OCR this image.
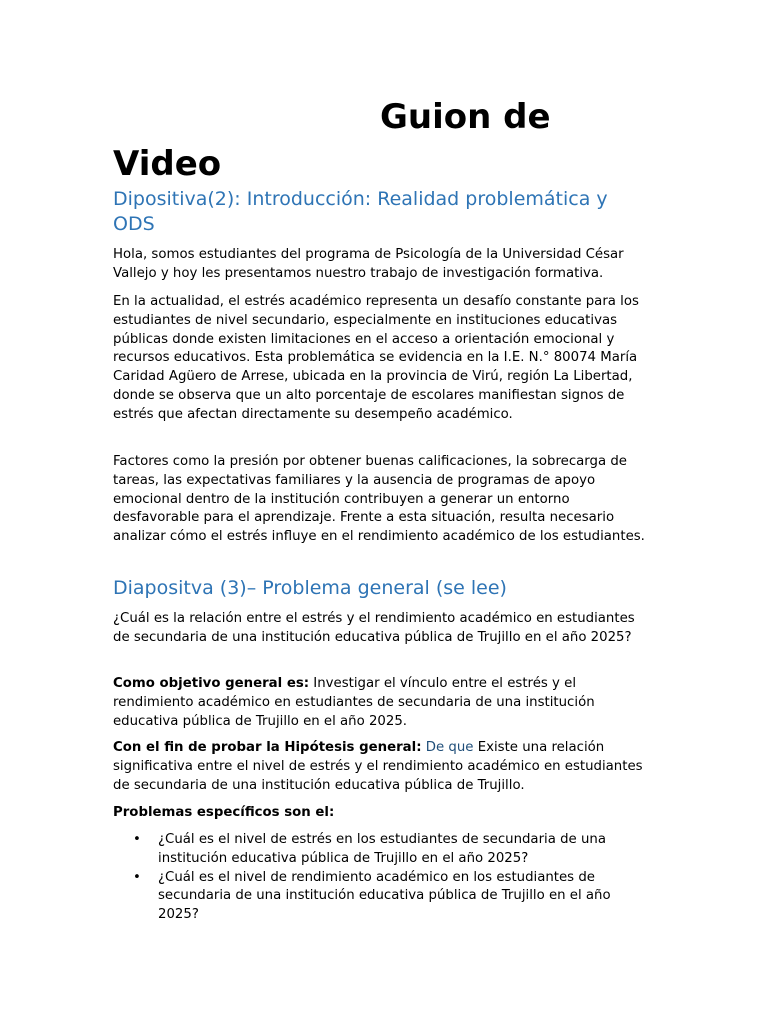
Guion de
Video
Dipositiva(2): Introducción: Realidad problemática y ODS

Hola, somos estudiantes del programa de Psicología de la Universidad César Vallejo y hoy les presentamos nuestro trabajo de investigación formativa.

En la actualidad, el estrés académico representa un desafío constante para los estudiantes de nivel secundario, especialmente en instituciones educativas públicas donde existen limitaciones en el acceso a orientación emocional y recursos educativos. Esta problemática se evidencia en la I.E. N.° 80074 María Caridad Agüero de Arrese, ubicada en la provincia de Virú, región La Libertad, donde se observa que un alto porcentaje de escolares manifiestan signos de estrés que afectan directamente su desempeño académico.

Factores como la presión por obtener buenas calificaciones, la sobrecarga de tareas, las expectativas familiares y la ausencia de programas de apoyo emocional dentro de la institución contribuyen a generar un entorno desfavorable para el aprendizaje. Frente a esta situación, resulta necesario analizar cómo el estrés influye en el rendimiento académico de los estudiantes.

Diapositva (3)– Problema general (se lee)

¿Cuál es la relación entre el estrés y el rendimiento académico en estudiantes de secundaria de una institución educativa pública de Trujillo en el año 2025?

Como objetivo general es: Investigar el vínculo entre el estrés y el rendimiento académico en estudiantes de secundaria de una institución educativa pública de Trujillo en el año 2025.

Con el fin de probar la Hipótesis general: De que Existe una relación significativa entre el nivel de estrés y el rendimiento académico en estudiantes de secundaria de una institución educativa pública de Trujillo.

Problemas específicos son el:

• ¿Cuál es el nivel de estrés en los estudiantes de secundaria de una institución educativa pública de Trujillo en el año 2025?
• ¿Cuál es el nivel de rendimiento académico en los estudiantes de secundaria de una institución educativa pública de Trujillo en el año 2025?
